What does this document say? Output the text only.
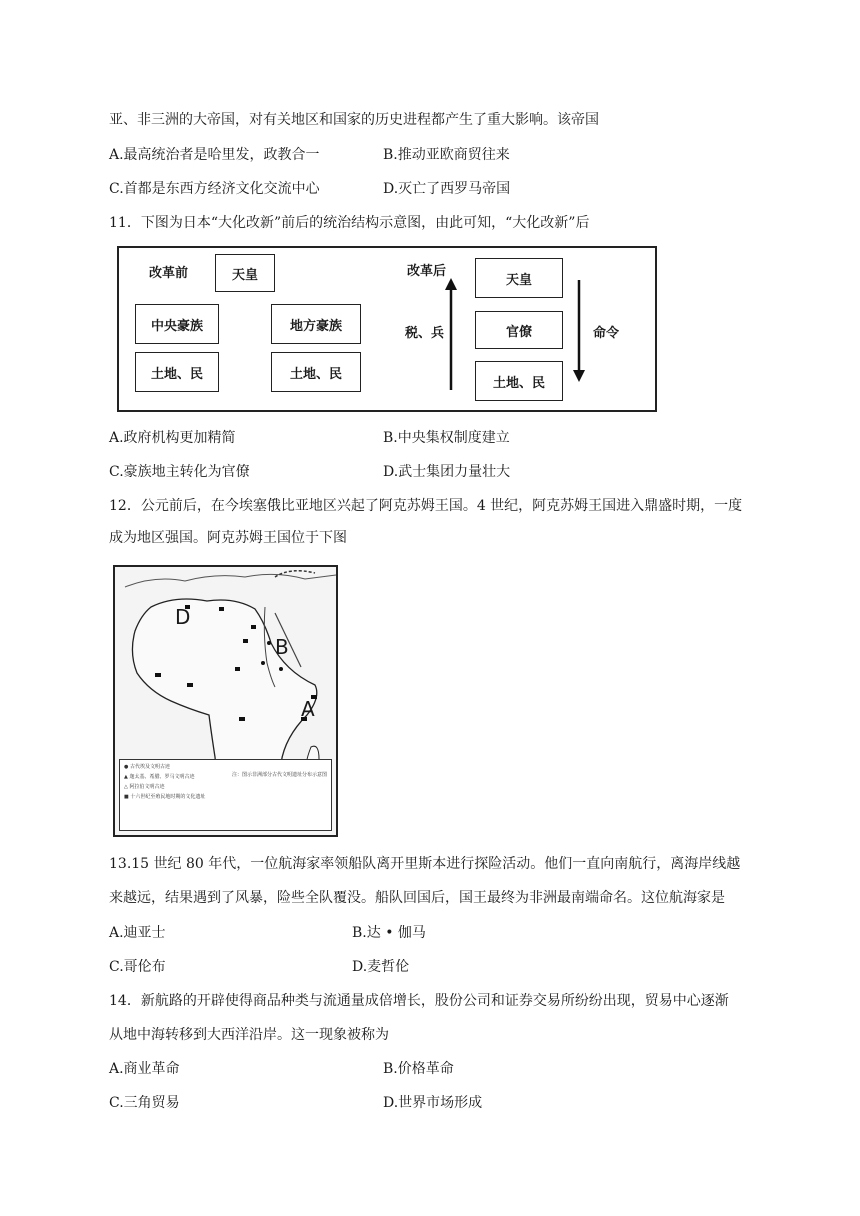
亚、非三洲的大帝国，对有关地区和国家的历史进程都产生了重大影响。该帝国
A.最高统治者是哈里发，政教合一	B.推动亚欧商贸往来
C.首都是东西方经济文化交流中心	D.灭亡了西罗马帝国
11．下图为日本“大化改新”前后的统治结构示意图，由此可知，“大化改新”后
改革前	天皇
中央豪族	地方豪族
土地、民	土地、民
改革后
税、兵
天皇
官僚
土地、民
命令
A.政府机构更加精简	B.中央集权制度建立
C.豪族地主转化为官僚	D.武士集团力量壮大
12．公元前后，在今埃塞俄比亚地区兴起了阿克苏姆王国。4 世纪，阿克苏姆王国进入鼎盛时期，一度
成为地区强国。阿克苏姆王国位于下图
D
B
A
● 古代埃及文明古迹
▲ 迦太基、希腊、罗马文明古迹
△ 阿拉伯文明古迹
■ 十六世纪至殖民地时期的文化遗址
注：图示非洲部分古代文明遗址分布示意图
13.15 世纪 80 年代，一位航海家率领船队离开里斯本进行探险活动。他们一直向南航行，离海岸线越
来越远，结果遇到了风暴，险些全队覆没。船队回国后，国王最终为非洲最南端命名。这位航海家是
A.迪亚士	B.达 • 伽马
C.哥伦布	D.麦哲伦
14．新航路的开辟使得商品种类与流通量成倍增长，股份公司和证券交易所纷纷出现，贸易中心逐渐
从地中海转移到大西洋沿岸。这一现象被称为
A.商业革命	B.价格革命
C.三角贸易	D.世界市场形成
